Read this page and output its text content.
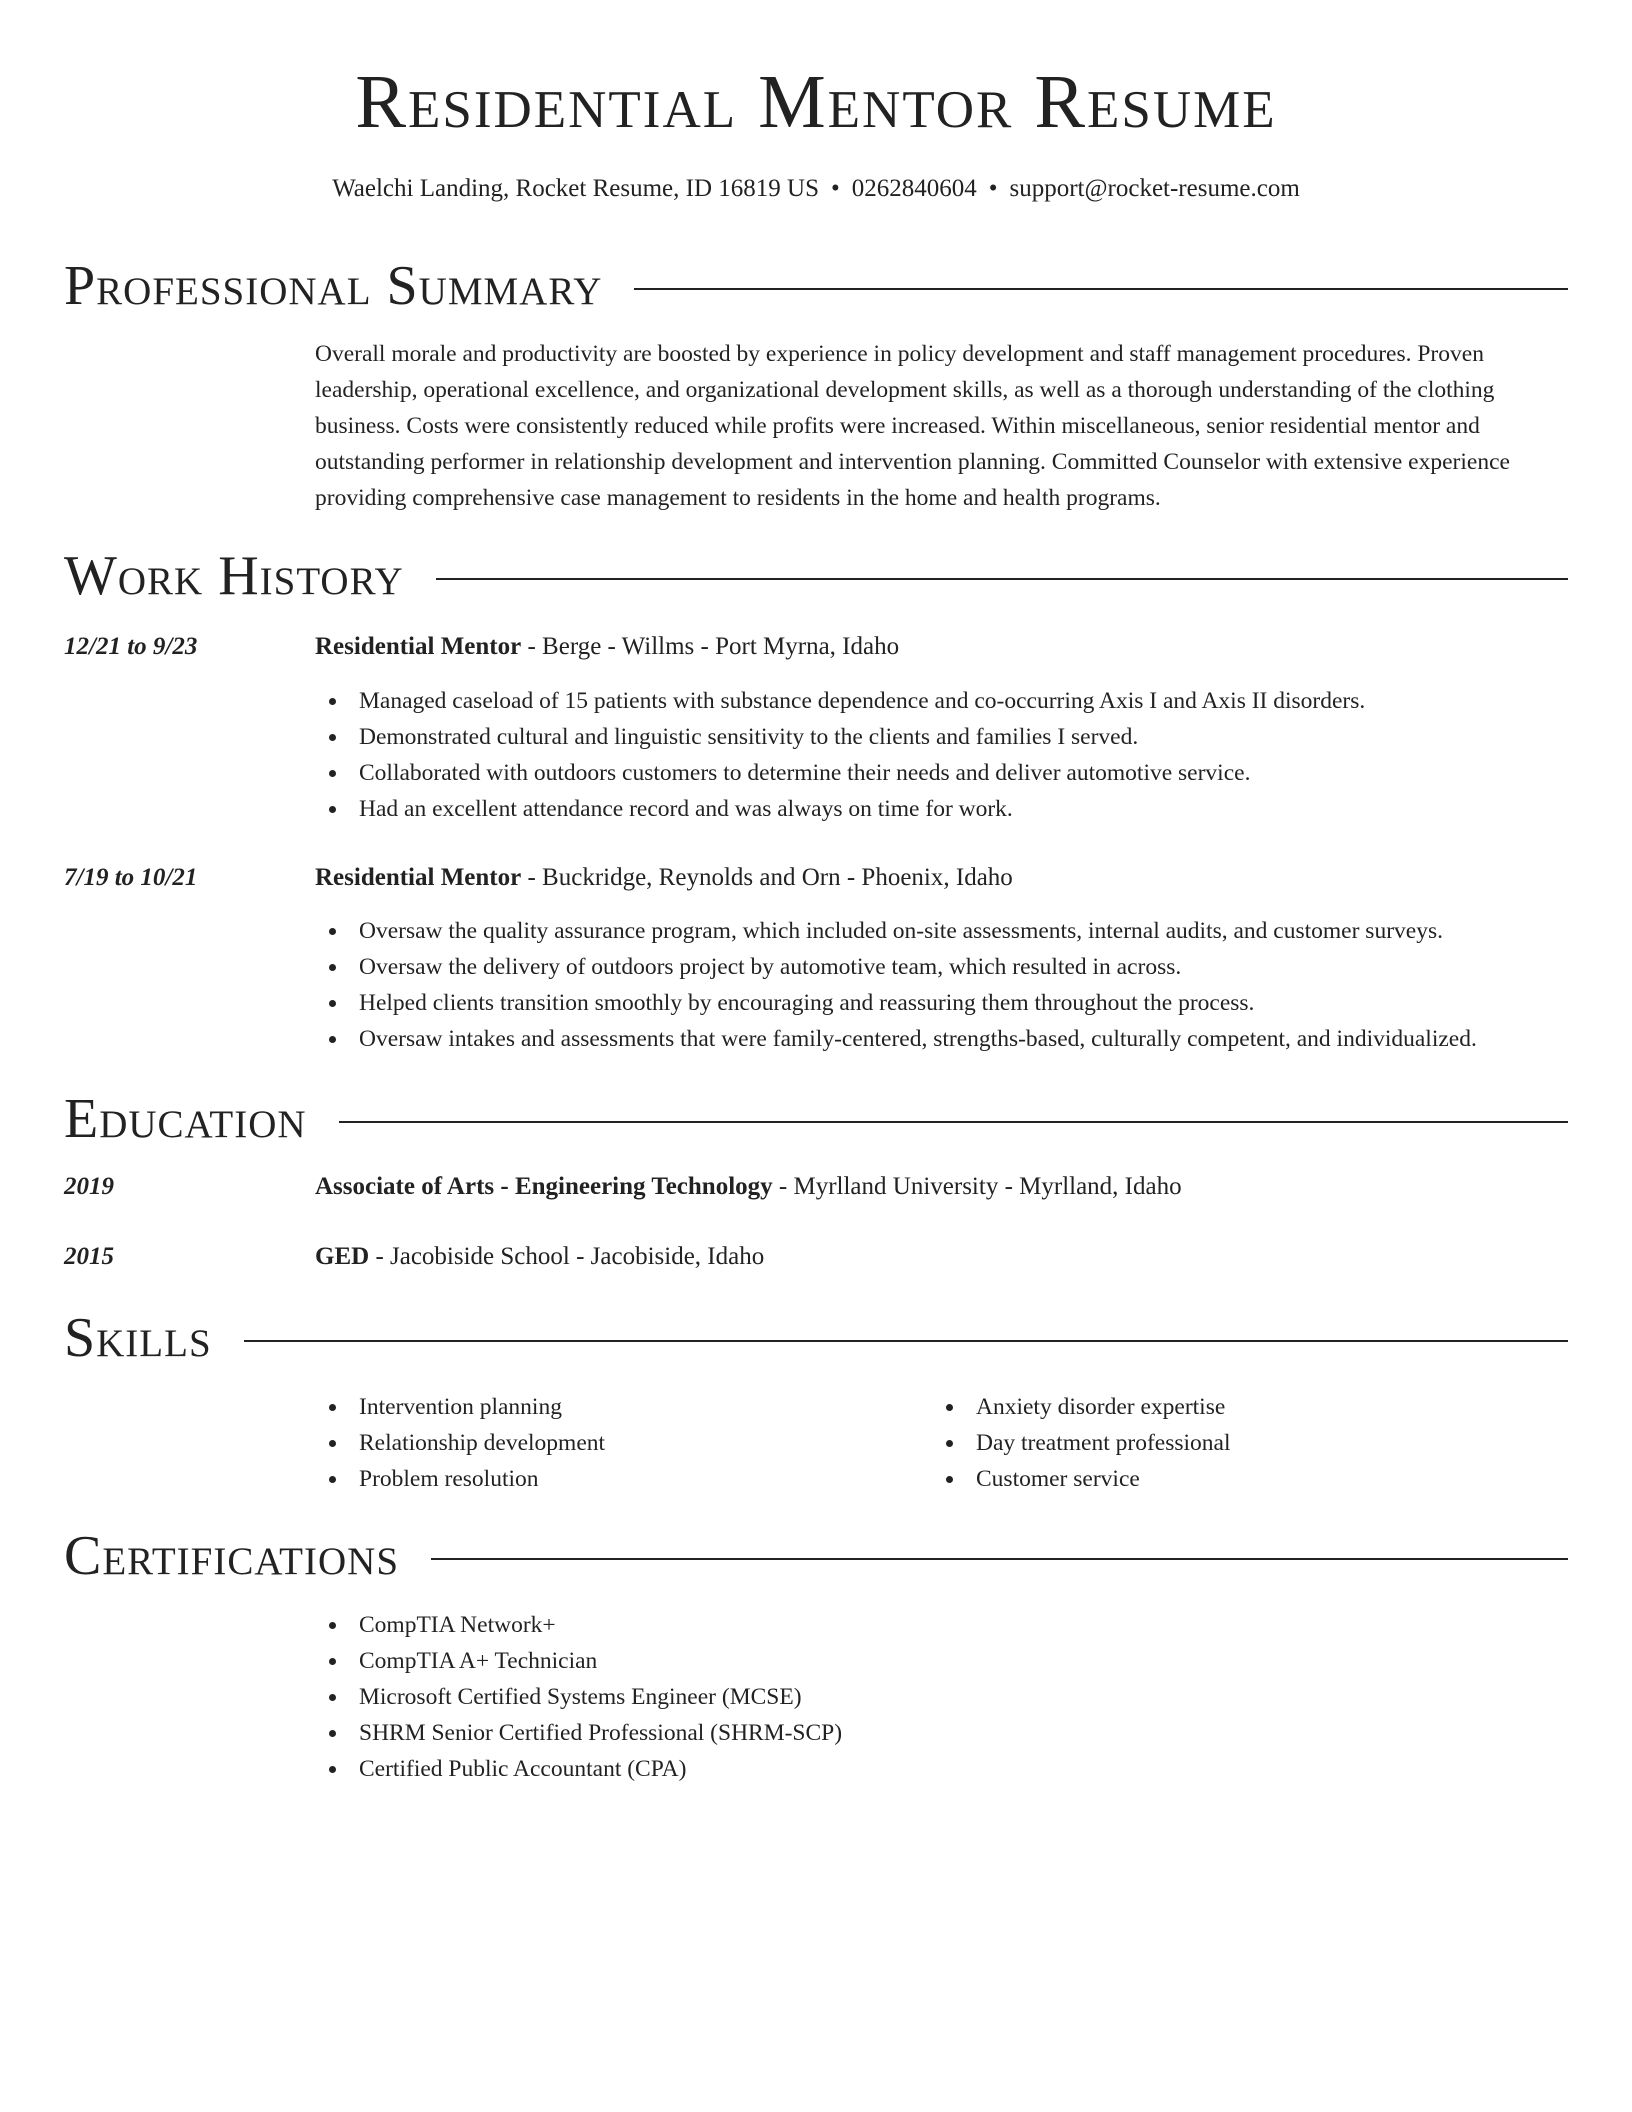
Residential Mentor Resume
Waelchi Landing, Rocket Resume, ID 16819 US • 0262840604 • support@rocket-resume.com
Professional Summary
Overall morale and productivity are boosted by experience in policy development and staff management procedures. Proven leadership, operational excellence, and organizational development skills, as well as a thorough understanding of the clothing business. Costs were consistently reduced while profits were increased. Within miscellaneous, senior residential mentor and outstanding performer in relationship development and intervention planning. Committed Counselor with extensive experience providing comprehensive case management to residents in the home and health programs.
Work History
12/21 to 9/23	Residential Mentor - Berge - Willms - Port Myrna, Idaho
Managed caseload of 15 patients with substance dependence and co-occurring Axis I and Axis II disorders.
Demonstrated cultural and linguistic sensitivity to the clients and families I served.
Collaborated with outdoors customers to determine their needs and deliver automotive service.
Had an excellent attendance record and was always on time for work.
7/19 to 10/21	Residential Mentor - Buckridge, Reynolds and Orn - Phoenix, Idaho
Oversaw the quality assurance program, which included on-site assessments, internal audits, and customer surveys.
Oversaw the delivery of outdoors project by automotive team, which resulted in across.
Helped clients transition smoothly by encouraging and reassuring them throughout the process.
Oversaw intakes and assessments that were family-centered, strengths-based, culturally competent, and individualized.
Education
2019	Associate of Arts - Engineering Technology - Myrlland University - Myrlland, Idaho
2015	GED - Jacobiside School - Jacobiside, Idaho
Skills
Intervention planning
Relationship development
Problem resolution
Anxiety disorder expertise
Day treatment professional
Customer service
Certifications
CompTIA Network+
CompTIA A+ Technician
Microsoft Certified Systems Engineer (MCSE)
SHRM Senior Certified Professional (SHRM-SCP)
Certified Public Accountant (CPA)
